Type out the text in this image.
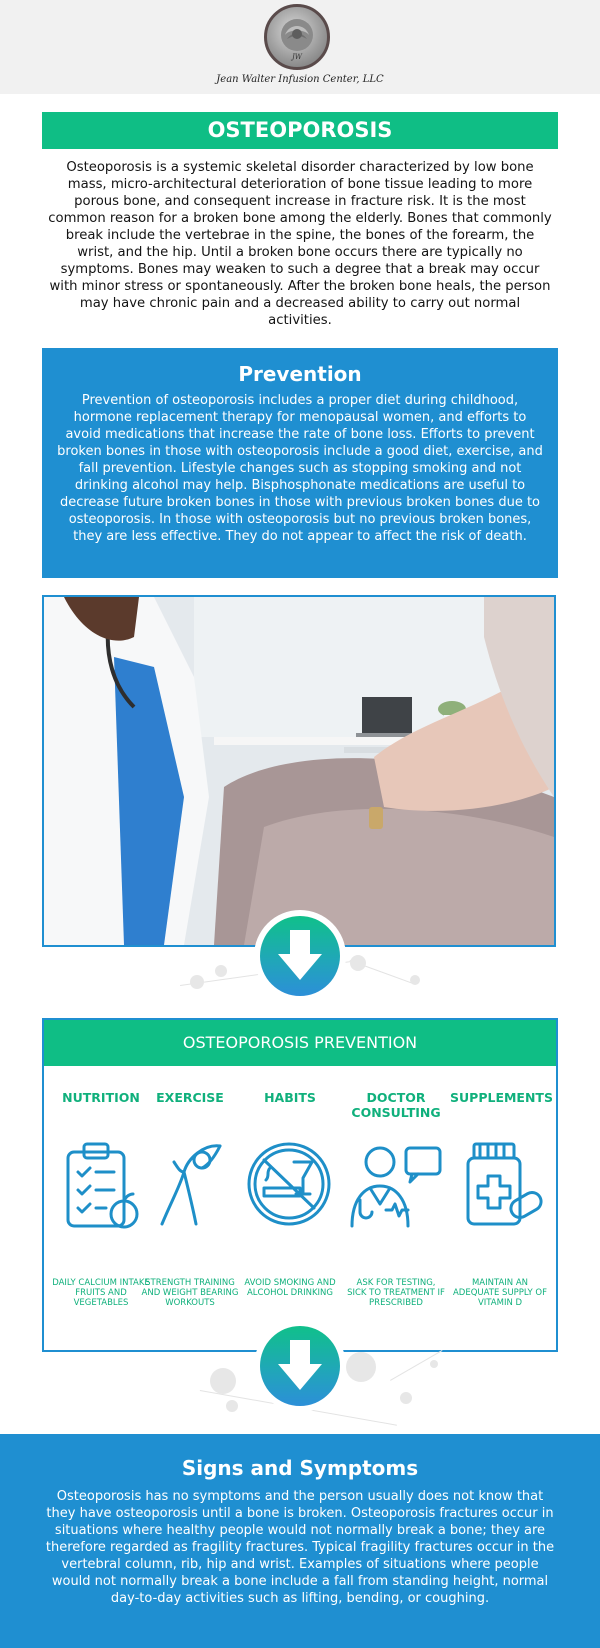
JW
Jean Walter Infusion Center, LLC
OSTEOPOROSIS
Osteoporosis is a systemic skeletal disorder characterized by low bone mass, micro-architectural deterioration of bone tissue leading to more porous bone, and consequent increase in fracture risk. It is the most common reason for a broken bone among the elderly. Bones that commonly break include the vertebrae in the spine, the bones of the forearm, the wrist, and the hip. Until a broken bone occurs there are typically no symptoms. Bones may weaken to such a degree that a break may occur with minor stress or spontaneously. After the broken bone heals, the person may have chronic pain and a decreased ability to carry out normal activities.
Prevention
Prevention of osteoporosis includes a proper diet during childhood, hormone replacement therapy for menopausal women, and efforts to avoid medications that increase the rate of bone loss. Efforts to prevent broken bones in those with osteoporosis include a good diet, exercise, and fall prevention. Lifestyle changes such as stopping smoking and not drinking alcohol may help. Bisphosphonate medications are useful to decrease future broken bones in those with previous broken bones due to osteoporosis. In those with osteoporosis but no previous broken bones, they are less effective. They do not appear to affect the risk of death.
OSTEOPOROSIS PREVENTION
NUTRITION
DAILY CALCIUM INTAKE FRUITS AND VEGETABLES
EXERCISE
STRENGTH TRAINING AND WEIGHT BEARING WORKOUTS
HABITS
AVOID SMOKING AND ALCOHOL DRINKING
DOCTOR CONSULTING
ASK FOR TESTING, SICK TO TREATMENT IF PRESCRIBED
SUPPLEMENTS
MAINTAIN AN ADEQUATE SUPPLY OF VITAMIN D
Signs and Symptoms
Osteoporosis has no symptoms and the person usually does not know that they have osteoporosis until a bone is broken. Osteoporosis fractures occur in situations where healthy people would not normally break a bone; they are therefore regarded as fragility fractures. Typical fragility fractures occur in the vertebral column, rib, hip and wrist. Examples of situations where people would not normally break a bone include a fall from standing height, normal day-to-day activities such as lifting, bending, or coughing.
